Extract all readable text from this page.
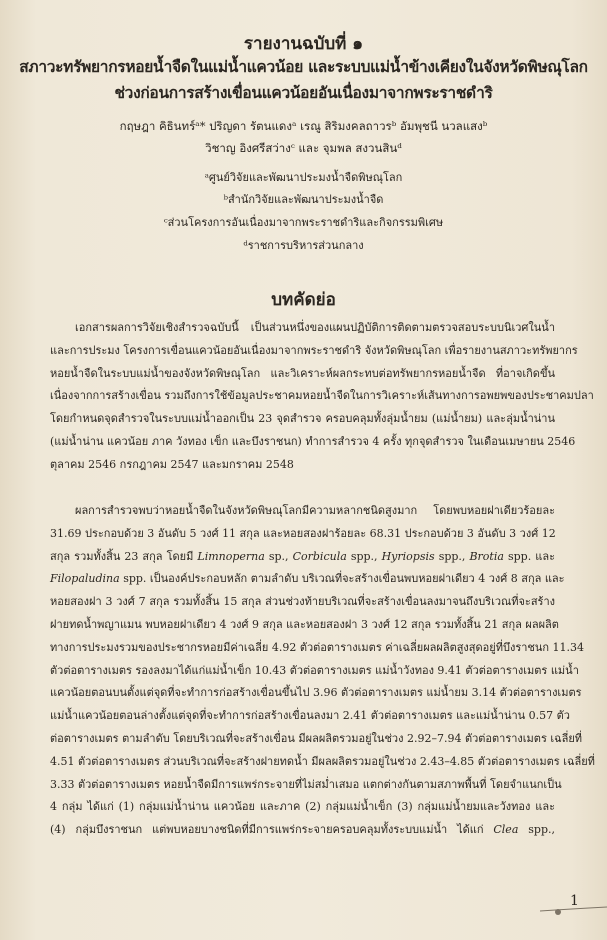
รายงานฉบับที่ ๑
สภาวะทรัพยากรหอยน้ำจืดในแม่น้ำแควน้อย และระบบแม่น้ำข้างเคียงในจังหวัดพิษณุโลก
ช่วงก่อนการสร้างเขื่อนแควน้อยอันเนื่องมาจากพระราชดำริ
กฤษฎา คิธินทร์ᵃ* ปริญดา รัตนแดงᵃ เรณู สิริมงคลถาวรᵇ อัมพุชนี นวลแสงᵇ
วิชาญ อิงศรีสว่างᶜ และ จุมพล สงวนสินᵈ
ᵃศูนย์วิจัยและพัฒนาประมงน้ำจืดพิษณุโลก
ᵇสำนักวิจัยและพัฒนาประมงน้ำจืด
ᶜส่วนโครงการอันเนื่องมาจากพระราชดำริและกิจกรรมพิเศษ
ᵈราชการบริหารส่วนกลาง
บทคัดย่อ
เอกสารผลการวิจัยเชิงสำรวจฉบับนี้ เป็นส่วนหนึ่งของแผนปฏิบัติการติดตามตรวจสอบระบบนิเวศในน้ำ
และการประมง โครงการเขื่อนแควน้อยอันเนื่องมาจากพระราชดำริ จังหวัดพิษณุโลก เพื่อรายงานสภาวะทรัพยากร
หอยน้ำจืดในระบบแม่น้ำของจังหวัดพิษณุโลก และวิเคราะห์ผลกระทบต่อทรัพยากรหอยน้ำจืด ที่อาจเกิดขึ้น
เนื่องจากการสร้างเขื่อน รวมถึงการใช้ข้อมูลประชาคมหอยน้ำจืดในการวิเคราะห์เส้นทางการอพยพของประชาคมปลา
โดยกำหนดจุดสำรวจในระบบแม่น้ำออกเป็น 23 จุดสำรวจ ครอบคลุมทั้งลุ่มน้ำยม (แม่น้ำยม) และลุ่มน้ำน่าน
(แม่น้ำน่าน แควน้อย ภาค วังทอง เข็ก และบึงราชนก) ทำการสำรวจ 4 ครั้ง ทุกจุดสำรวจ ในเดือนเมษายน 2546
ตุลาคม 2546 กรกฎาคม 2547 และมกราคม 2548
ผลการสำรวจพบว่าหอยน้ำจืดในจังหวัดพิษณุโลกมีความหลากชนิดสูงมาก โดยพบหอยฝาเดียวร้อยละ
31.69 ประกอบด้วย 3 อันดับ 5 วงศ์ 11 สกุล และหอยสองฝาร้อยละ 68.31 ประกอบด้วย 3 อันดับ 3 วงศ์ 12
สกุล รวมทั้งสิ้น 23 สกุล โดยมี Limnoperna sp., Corbicula spp., Hyriopsis spp., Brotia spp. และ
Filopaludina spp. เป็นองค์ประกอบหลัก ตามลำดับ บริเวณที่จะสร้างเขื่อนพบหอยฝาเดียว 4 วงศ์ 8 สกุล และ
หอยสองฝา 3 วงศ์ 7 สกุล รวมทั้งสิ้น 15 สกุล ส่วนช่วงท้ายบริเวณที่จะสร้างเขื่อนลงมาจนถึงบริเวณที่จะสร้าง
ฝายทดน้ำพญาแมน พบหอยฝาเดียว 4 วงศ์ 9 สกุล และหอยสองฝา 3 วงศ์ 12 สกุล รวมทั้งสิ้น 21 สกุล ผลผลิต
ทางการประมงรวมของประชากรหอยมีค่าเฉลี่ย 4.92 ตัวต่อตารางเมตร ค่าเฉลี่ยผลผลิตสูงสุดอยู่ที่บึงราชนก 11.34
ตัวต่อตารางเมตร รองลงมาได้แก่แม่น้ำเข็ก 10.43 ตัวต่อตารางเมตร แม่น้ำวังทอง 9.41 ตัวต่อตารางเมตร แม่น้ำ
แควน้อยตอนบนตั้งแต่จุดที่จะทำการก่อสร้างเขื่อนขึ้นไป 3.96 ตัวต่อตารางเมตร แม่น้ำยม 3.14 ตัวต่อตารางเมตร
แม่น้ำแควน้อยตอนล่างตั้งแต่จุดที่จะทำการก่อสร้างเขื่อนลงมา 2.41 ตัวต่อตารางเมตร และแม่น้ำน่าน 0.57 ตัว
ต่อตารางเมตร ตามลำดับ โดยบริเวณที่จะสร้างเขื่อน มีผลผลิตรวมอยู่ในช่วง 2.92–7.94 ตัวต่อตารางเมตร เฉลี่ยที่
4.51 ตัวต่อตารางเมตร ส่วนบริเวณที่จะสร้างฝายทดน้ำ มีผลผลิตรวมอยู่ในช่วง 2.43–4.85 ตัวต่อตารางเมตร เฉลี่ยที่
3.33 ตัวต่อตารางเมตร หอยน้ำจืดมีการแพร่กระจายที่ไม่สม่ำเสมอ แตกต่างกันตามสภาพพื้นที่ โดยจำแนกเป็น
4 กลุ่ม ได้แก่ (1) กลุ่มแม่น้ำน่าน แควน้อย และภาค (2) กลุ่มแม่น้ำเข็ก (3) กลุ่มแม่น้ำยมและวังทอง และ
(4) กลุ่มบึงราชนก แต่พบหอยบางชนิดที่มีการแพร่กระจายครอบคลุมทั้งระบบแม่น้ำ ได้แก่ Clea spp.,
1
